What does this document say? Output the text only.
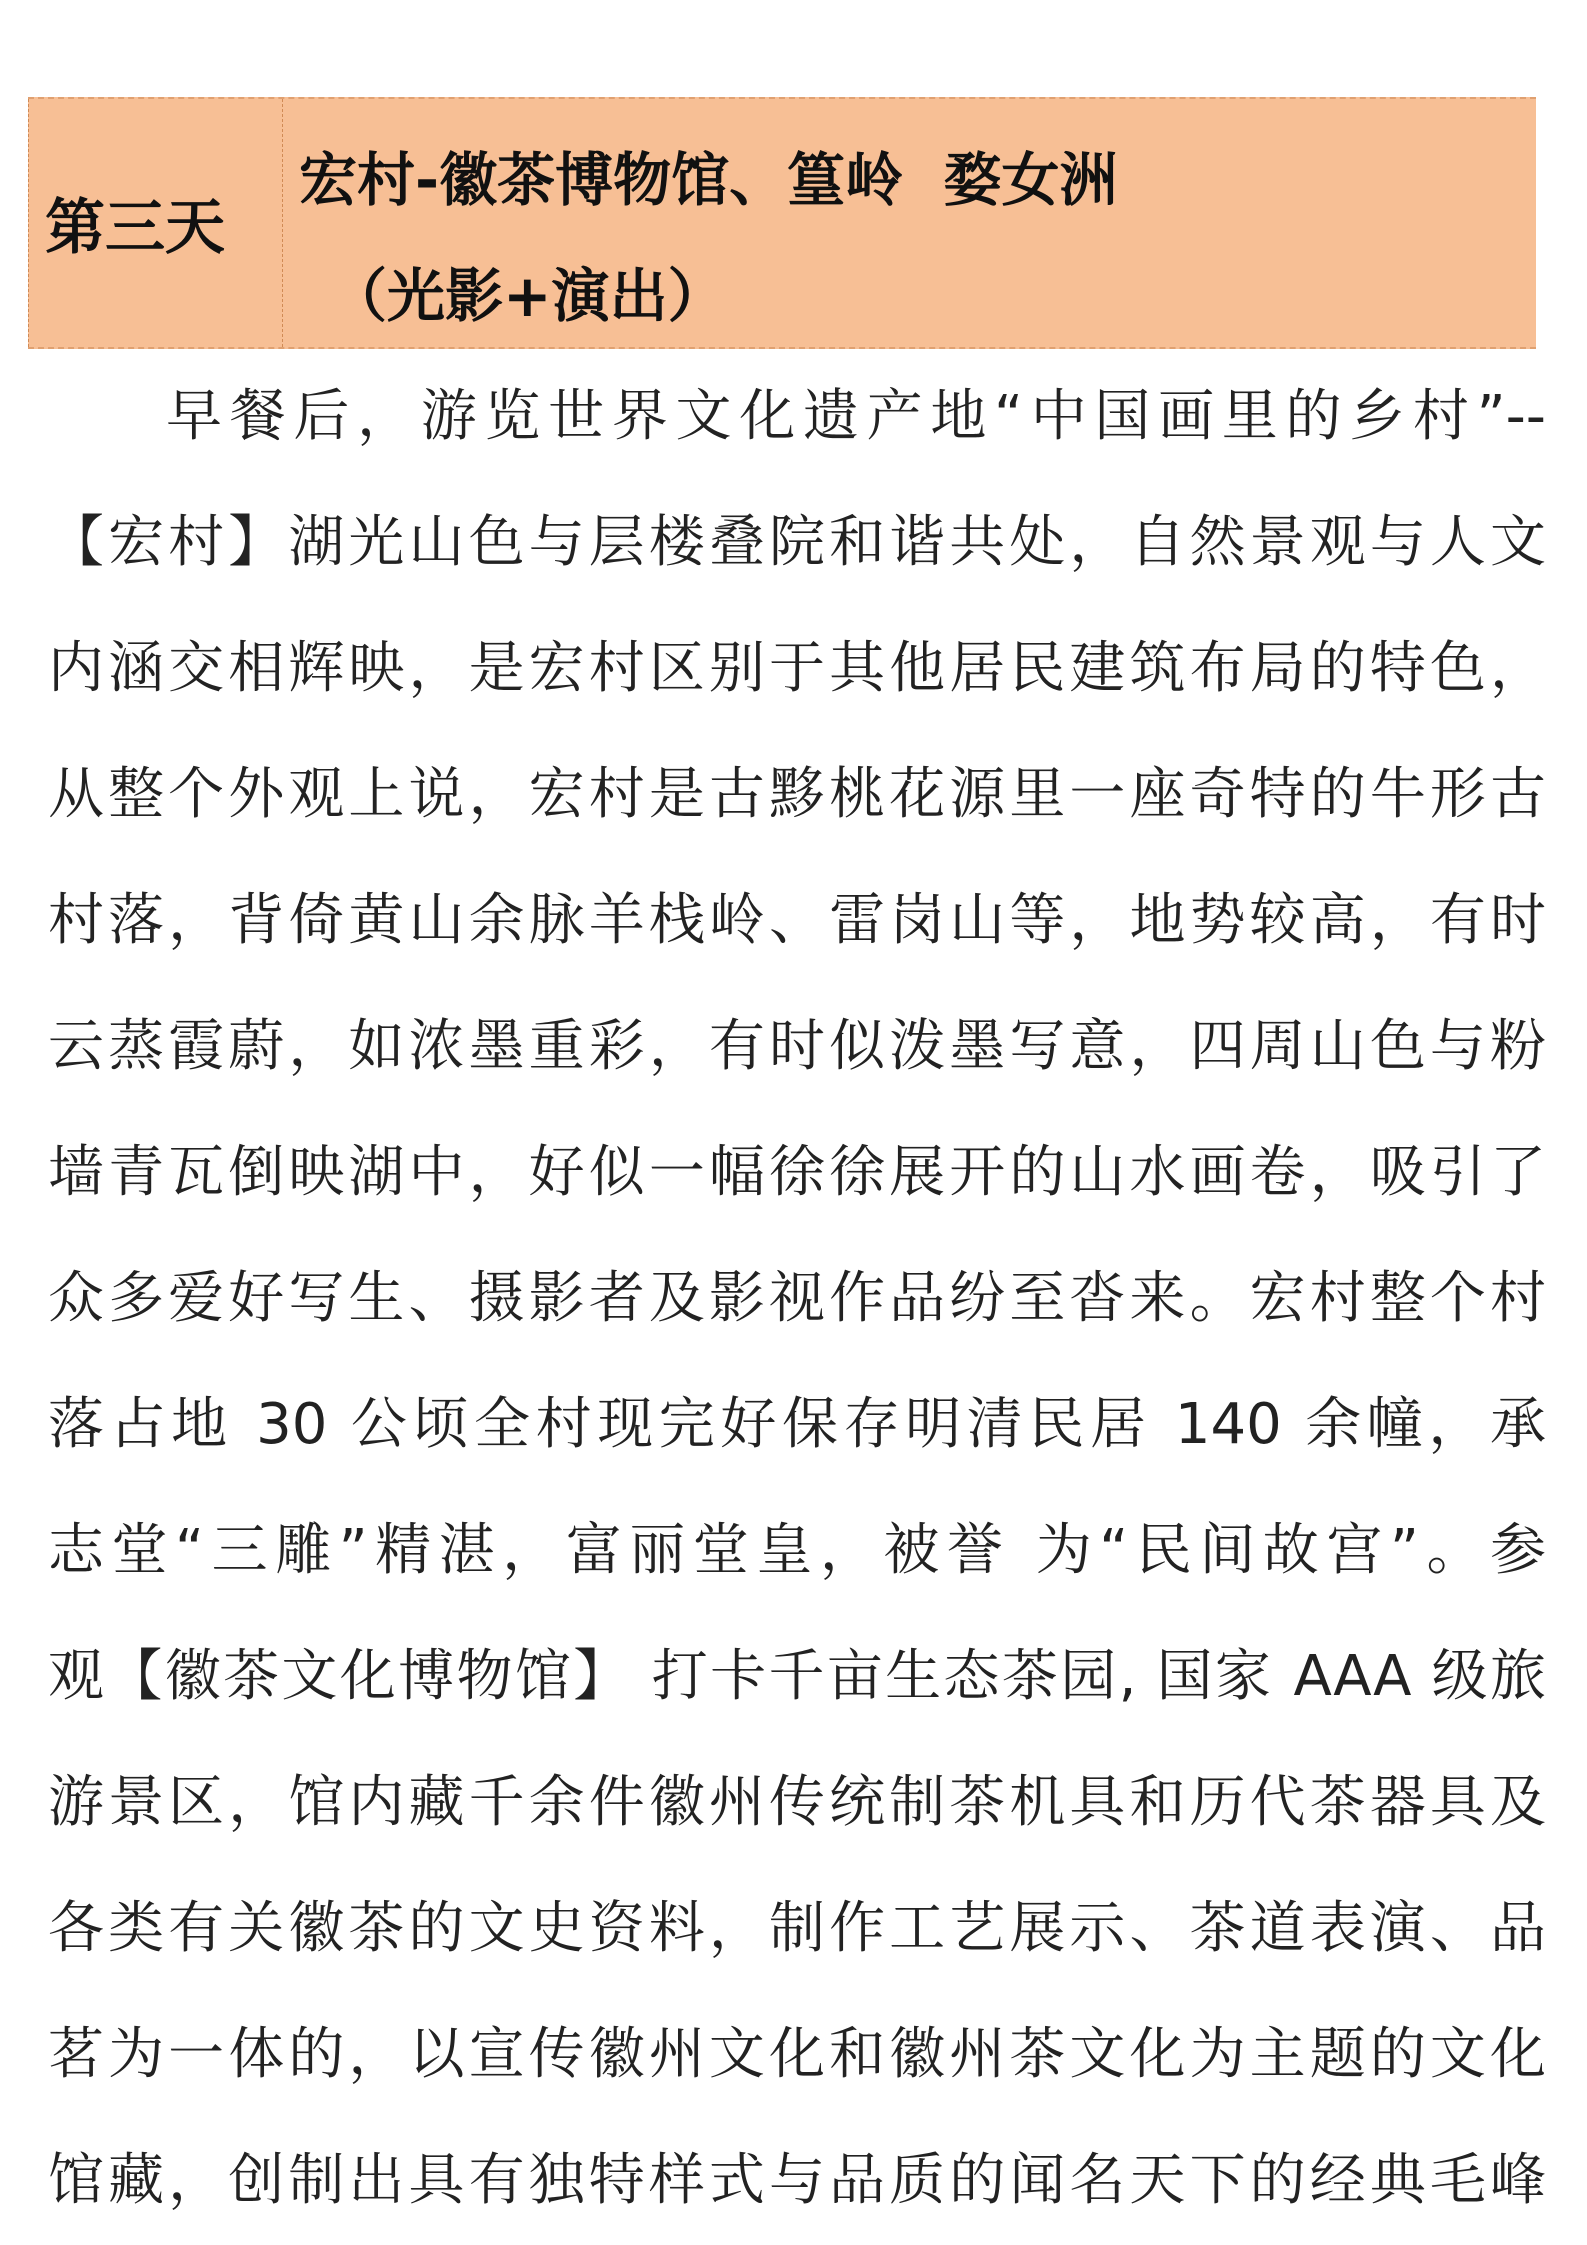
第三天
宏村-徽茶博物馆、篁岭  婺女洲
（光影+演出）
早餐后，游览世界文化遗产地“中国画里的乡村”--
【宏村】湖光山色与层楼叠院和谐共处，自然景观与人文
内涵交相辉映，是宏村区别于其他居民建筑布局的特色，
从整个外观上说，宏村是古黟桃花源里一座奇特的牛形古
村落，背倚黄山余脉羊栈岭、雷岗山等，地势较高，有时
云蒸霞蔚，如浓墨重彩，有时似泼墨写意，四周山色与粉
墙青瓦倒映湖中，好似一幅徐徐展开的山水画卷，吸引了
众多爱好写生、摄影者及影视作品纷至沓来。宏村整个村
落占地 30 公顷全村现完好保存明清民居 140 余幢，承
志堂“三雕”精湛，富丽堂皇，被誉 为“民间故宫”。参
观【徽茶文化博物馆】 打卡千亩生态茶园, 国家 AAA 级旅
游景区，馆内藏千余件徽州传统制茶机具和历代茶器具及
各类有关徽茶的文史资料，制作工艺展示、茶道表演、品
茗为一体的，以宣传徽州文化和徽州茶文化为主题的文化
馆藏，创制出具有独特样式与品质的闻名天下的经典毛峰
